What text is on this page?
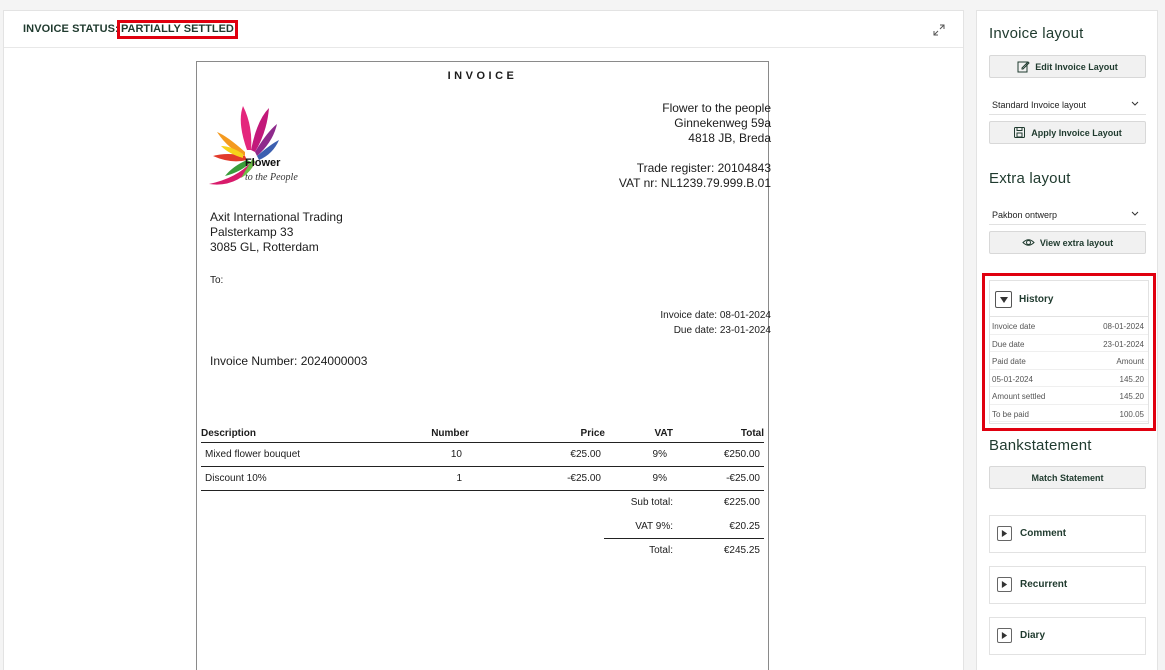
INVOICE STATUS: PARTIALLY SETTLED
INVOICE
Flower
to the People
Flower to the people
Ginnekenweg 59a
4818 JB, Breda
Trade register: 20104843
VAT nr: NL1239.79.999.B.01
Axit International Trading
Palsterkamp 33
3085 GL, Rotterdam
To:
Invoice date: 08-01-2024
Due date: 23-01-2024
Invoice Number: 2024000003
Description	Number	Price	VAT	Total
Mixed flower bouquet	10	€25.00	9%	€250.00
Discount 10%	1	-€25.00	9%	-€25.00
Sub total:	€225.00
VAT 9%:	€20.25
Total:	€245.25
Invoice layout
Edit Invoice Layout
Standard Invoice layout
Apply Invoice Layout
Extra layout
Pakbon ontwerp
View extra layout
History
Invoice date	08-01-2024
Due date	23-01-2024
Paid date	Amount
05-01-2024	145.20
Amount settled	145.20
To be paid	100.05
Bankstatement
Match Statement
Comment
Recurrent
Diary
